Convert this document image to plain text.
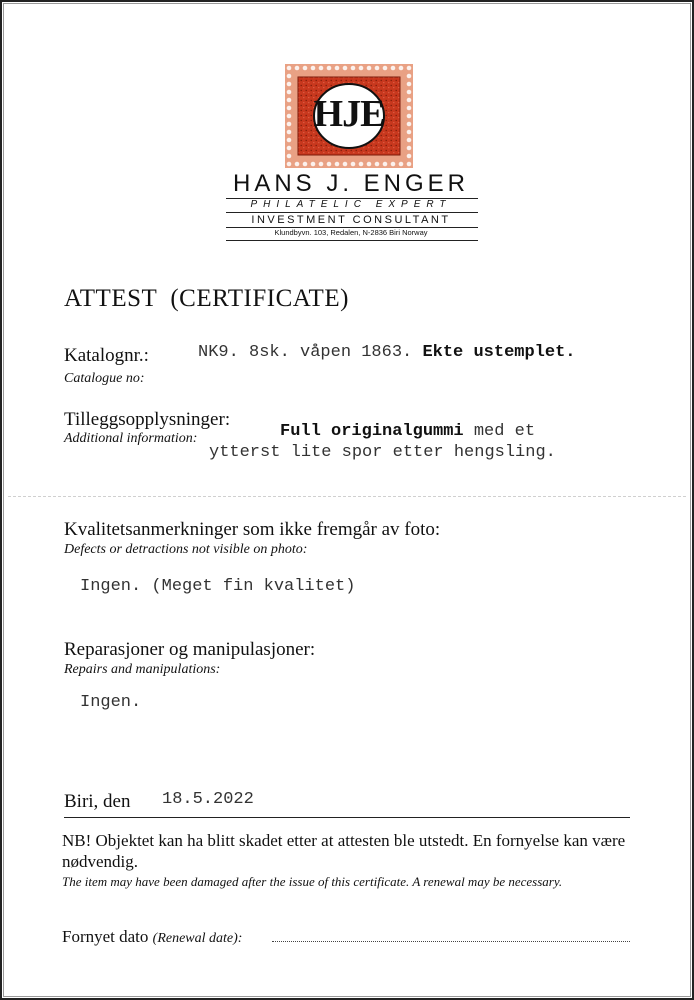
HJE
HANS J. ENGER
PHILATELIC EXPERT
INVESTMENT CONSULTANT
Klundbyvn. 103, Redalen, N-2836 Biri Norway
ATTEST  (CERTIFICATE)
Katalognr.:
Catalogue no:
NK9. 8sk. våpen 1863. Ekte ustemplet.
Tilleggsopplysninger:
Additional information:	Full originalgummi med et
ytterst lite spor etter hengsling.
Kvalitetsanmerkninger som ikke fremgår av foto:
Defects or detractions not visible on photo:
Ingen. (Meget fin kvalitet)
Reparasjoner og manipulasjoner:
Repairs and manipulations:
Ingen.
Biri, den 18.5.2022
NB! Objektet kan ha blitt skadet etter at attesten ble utstedt. En fornyelse kan være nødvendig.
The item may have been damaged after the issue of this certificate. A renewal may be necessary.
Fornyet dato (Renewal date):
